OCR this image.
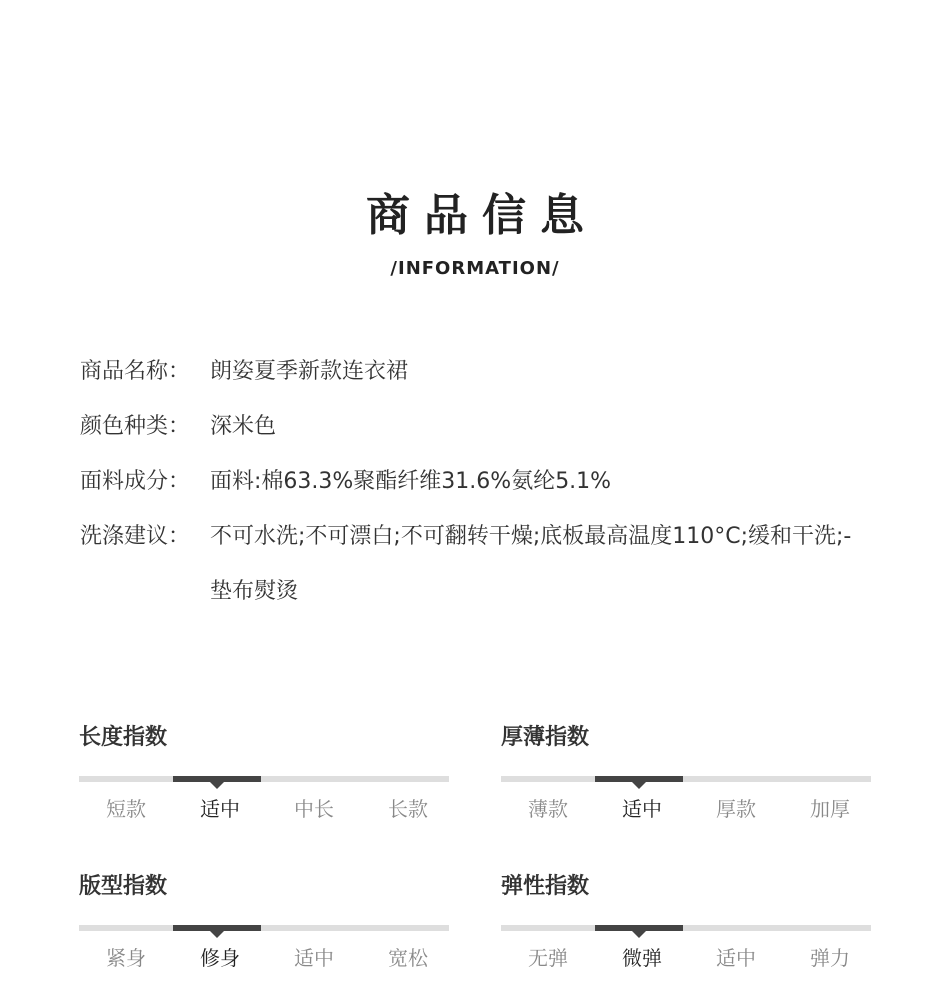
商品信息
/INFORMATION/
商品名称： 朗姿夏季新款连衣裙
颜色种类： 深米色
面料成分： 面料:棉63.3%聚酯纤维31.6%氨纶5.1%
洗涤建议： 不可水洗;不可漂白;不可翻转干燥;底板最高温度110°C;缓和干洗;- 垫布熨烫
长度指数
短款	适中	中长	长款
厚薄指数
薄款	适中	厚款	加厚
版型指数
紧身	修身	适中	宽松
弹性指数
无弹	微弹	适中	弹力
